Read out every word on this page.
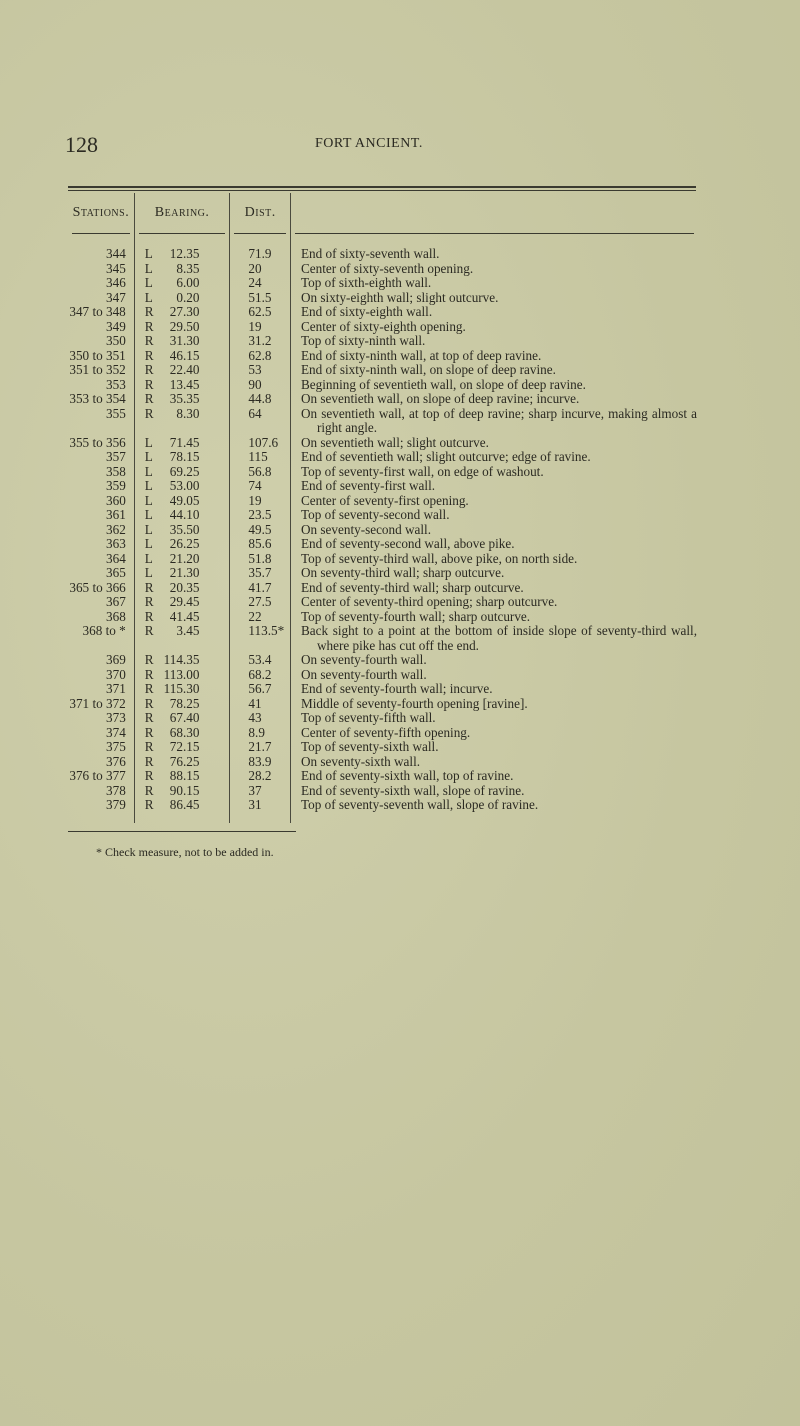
128	FORT ANCIENT.
Stations.	Bearing.		Dist.	

344	L	12.35	71.9	End of sixty-seventh wall.

345	L	8.35	20	Center of sixty-seventh opening.

346	L	6.00	24	Top of sixth-eighth wall.

347	L	0.20	51.5	On sixty-eighth wall; slight outcurve.

347 to 348	R	27.30	62.5	End of sixty-eighth wall.

349	R	29.50	19	Center of sixty-eighth opening.

350	R	31.30	31.2	Top of sixty-ninth wall.

350 to 351	R	46.15	62.8	End of sixty-ninth wall, at top of deep ravine.

351 to 352	R	22.40	53	End of sixty-ninth wall, on slope of deep ravine.

353	R	13.45	90	Beginning of seventieth wall, on slope of deep ravine.

353 to 354	R	35.35	44.8	On seventieth wall, on slope of deep ravine; incurve.

355	R	8.30	64	On seventieth wall, at top of deep ravine; sharp incurve, making almost a right angle.

355 to 356	L	71.45	107.6	On seventieth wall; slight outcurve.

357	L	78.15	115	End of seventieth wall; slight outcurve; edge of ravine.

358	L	69.25	56.8	Top of seventy-first wall, on edge of washout.

359	L	53.00	74	End of seventy-first wall.

360	L	49.05	19	Center of seventy-first opening.

361	L	44.10	23.5	Top of seventy-second wall.

362	L	35.50	49.5	On seventy-second wall.

363	L	26.25	85.6	End of seventy-second wall, above pike.

364	L	21.20	51.8	Top of seventy-third wall, above pike, on north side.

365	L	21.30	35.7	On seventy-third wall; sharp outcurve.

365 to 366	R	20.35	41.7	End of seventy-third wall; sharp outcurve.

367	R	29.45	27.5	Center of seventy-third opening; sharp outcurve.

368	R	41.45	22	Top of seventy-fourth wall; sharp outcurve.

368 to *	R	3.45	113.5*	Back sight to a point at the bottom of inside slope of seventy-third wall, where pike has cut off the end.

369	R	114.35	53.4	On seventy-fourth wall.

370	R	113.00	68.2	On seventy-fourth wall.

371	R	115.30	56.7	End of seventy-fourth wall; incurve.

371 to 372	R	78.25	41	Middle of seventy-fourth opening [ravine].

373	R	67.40	43	Top of seventy-fifth wall.

374	R	68.30	8.9	Center of seventy-fifth opening.

375	R	72.15	21.7	Top of seventy-sixth wall.

376	R	76.25	83.9	On seventy-sixth wall.

376 to 377	R	88.15	28.2	End of seventy-sixth wall, top of ravine.

378	R	90.15	37	End of seventy-sixth wall, slope of ravine.

379	R	86.45	31	Top of seventy-seventh wall, slope of ravine.

* Check measure, not to be added in.
